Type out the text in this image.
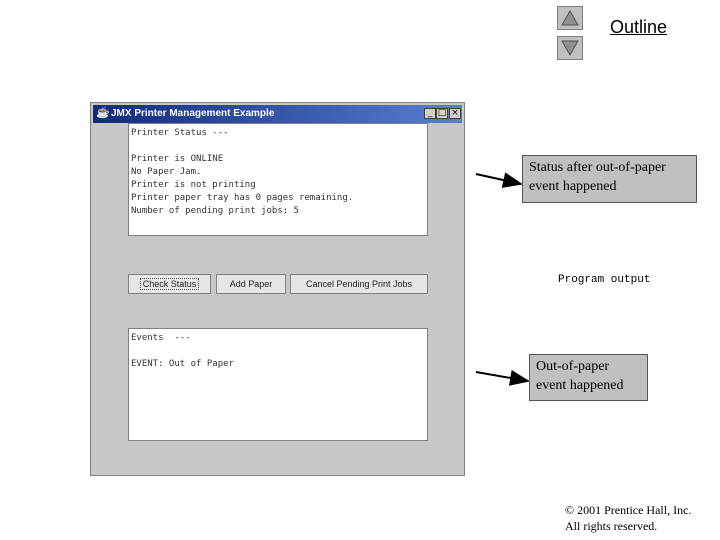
Outline
☕ JMX Printer Management Example	_ □ ×
Printer Status ---
Printer is ONLINE
No Paper Jam.
Printer is not printing
Printer paper tray has 0 pages remaining.
Number of pending print jobs: 5
Check Status	Add Paper	Cancel Pending Print Jobs
Events  ---
EVENT: Out of Paper
Status after out-of-paper
event happened
Out-of-paper
event happened
Program output
© 2001 Prentice Hall, Inc.
All rights reserved.
